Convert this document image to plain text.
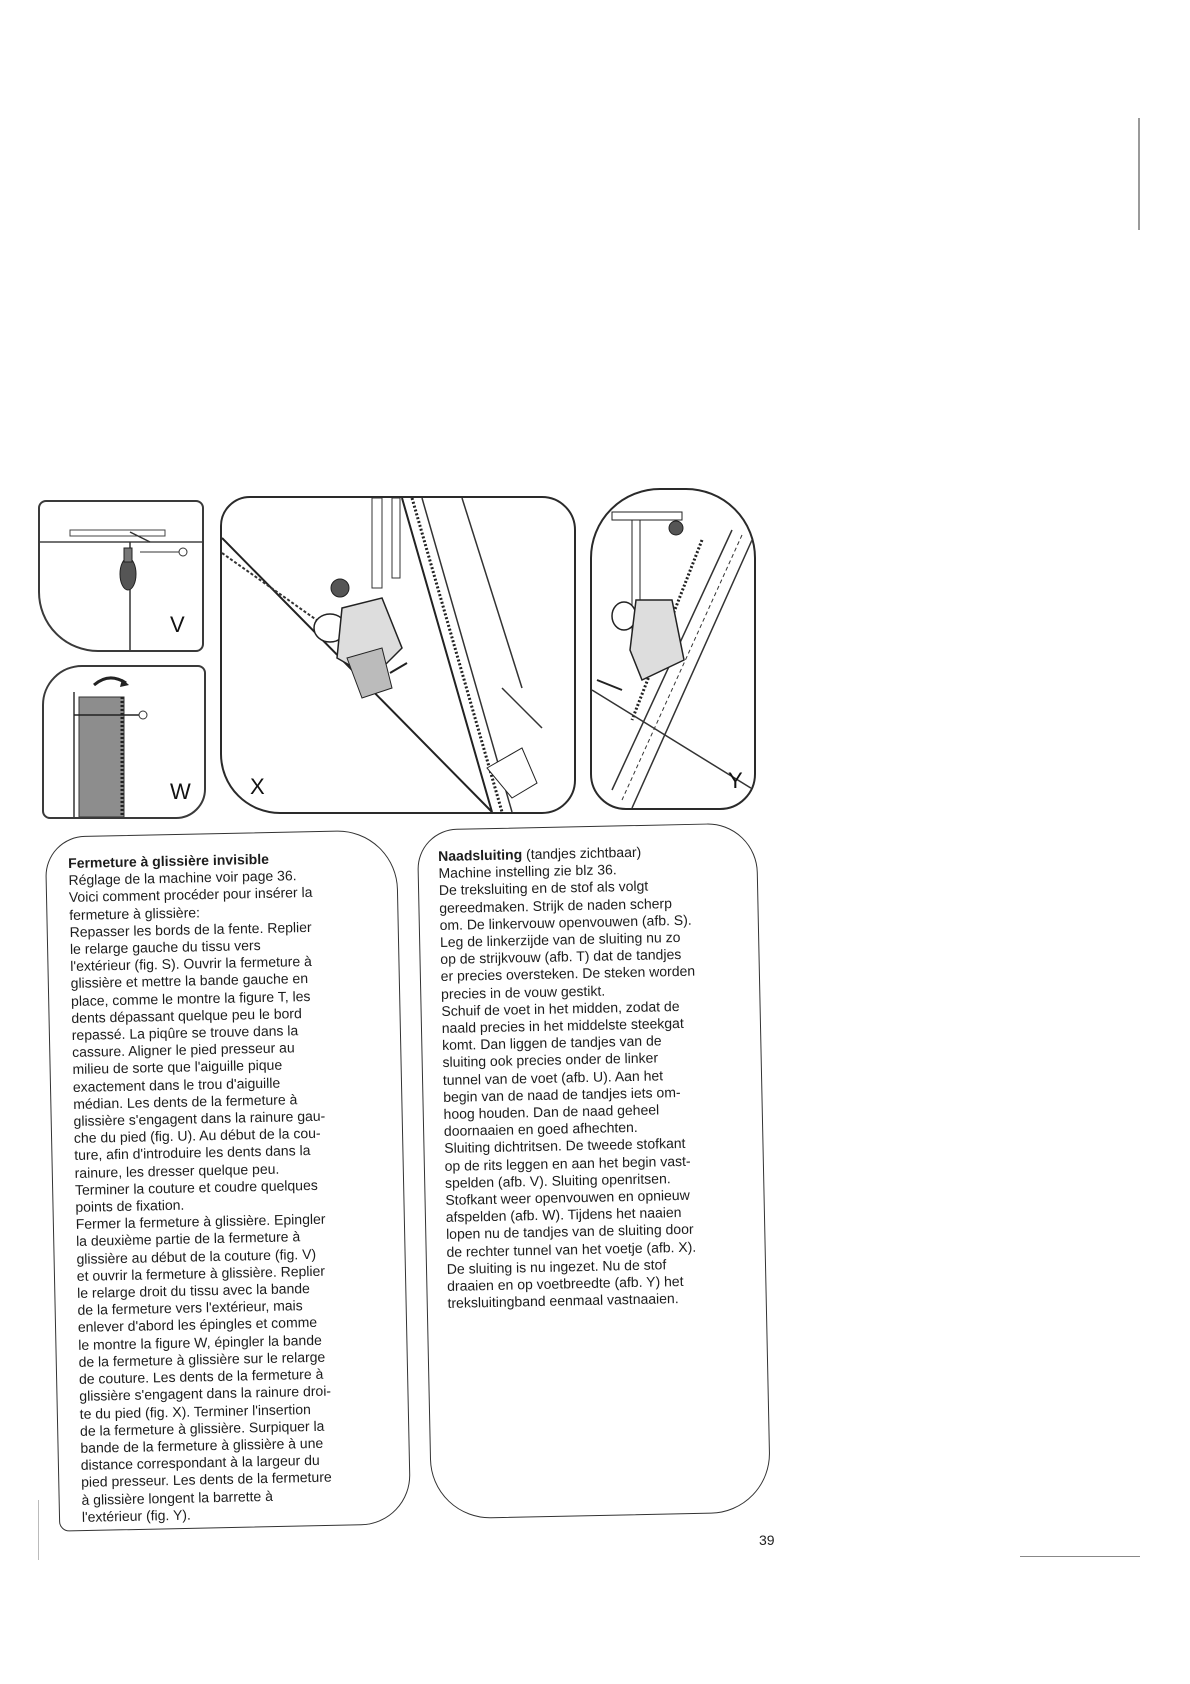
V
W	X	Y

Fermeture à glissière invisible

Réglage de la machine voir page 36.
Voici comment procéder pour insérer la
fermeture à glissière:
Repasser les bords de la fente. Replier
le relarge gauche du tissu vers
l'extérieur (fig. S). Ouvrir la fermeture à
glissière et mettre la bande gauche en
place, comme le montre la figure T, les
dents dépassant quelque peu le bord
repassé. La piqûre se trouve dans la
cassure. Aligner le pied presseur au
milieu de sorte que l'aiguille pique
exactement dans le trou d'aiguille
médian. Les dents de la fermeture à
glissière s'engagent dans la rainure gau-
che du pied (fig. U). Au début de la cou-
ture, afin d'introduire les dents dans la
rainure, les dresser quelque peu.
Terminer la couture et coudre quelques
points de fixation.
Fermer la fermeture à glissière. Epingler
la deuxième partie de la fermeture à
glissière au début de la couture (fig. V)
et ouvrir la fermeture à glissière. Replier
le relarge droit du tissu avec la bande
de la fermeture vers l'extérieur, mais
enlever d'abord les épingles et comme
le montre la figure W, épingler la bande
de la fermeture à glissière sur le relarge
de couture. Les dents de la fermeture à
glissière s'engagent dans la rainure droi-
te du pied (fig. X). Terminer l'insertion
de la fermeture à glissière. Surpiquer la
bande de la fermeture à glissière à une
distance correspondant à la largeur du
pied presseur. Les dents de la fermeture
à glissière longent la barrette à
l'extérieur (fig. Y).

Naadsluiting (tandjes zichtbaar)

Machine instelling zie blz 36.
De treksluiting en de stof als volgt
gereedmaken. Strijk de naden scherp
om. De linkervouw openvouwen (afb. S).
Leg de linkerzijde van de sluiting nu zo
op de strijkvouw (afb. T) dat de tandjes
er precies oversteken. De steken worden
precies in de vouw gestikt.
Schuif de voet in het midden, zodat de
naald precies in het middelste steekgat
komt. Dan liggen de tandjes van de
sluiting ook precies onder de linker
tunnel van de voet (afb. U). Aan het
begin van de naad de tandjes iets om-
hoog houden. Dan de naad geheel
doornaaien en goed afhechten.
Sluiting dichtritsen. De tweede stofkant
op de rits leggen en aan het begin vast-
spelden (afb. V). Sluiting openritsen.
Stofkant weer openvouwen en opnieuw
afspelden (afb. W). Tijdens het naaien
lopen nu de tandjes van de sluiting door
de rechter tunnel van het voetje (afb. X).
De sluiting is nu ingezet. Nu de stof
draaien en op voetbreedte (afb. Y) het
treksluitingband eenmaal vastnaaien.

39
